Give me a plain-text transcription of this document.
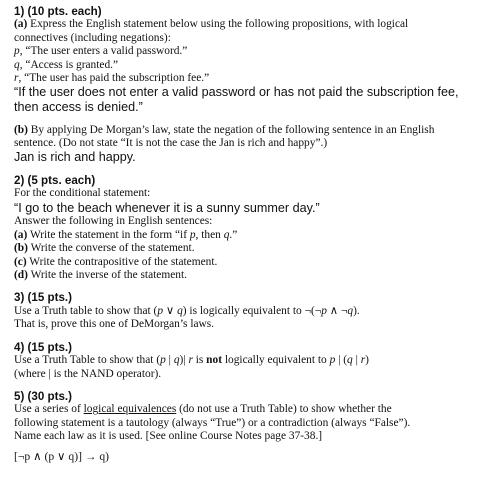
1) (10 pts. each)
(a) Express the English statement below using the following propositions, with logical
connectives (including negations):
p, “The user enters a valid password.”
q, “Access is granted.”
r, “The user has paid the subscription fee.”
“If the user does not enter a valid password or has not paid the subscription fee,
then access is denied.”
(b) By applying De Morgan’s law, state the negation of the following sentence in an English
sentence. (Do not state “It is not the case the Jan is rich and happy”.)
Jan is rich and happy.
2) (5 pts. each)
For the conditional statement:
“I go to the beach whenever it is a sunny summer day.”
Answer the following in English sentences:
(a) Write the statement in the form “if p, then q.”
(b) Write the converse of the statement.
(c) Write the contrapositive of the statement.
(d) Write the inverse of the statement.
3) (15 pts.)
Use a Truth table to show that (p ∨ q) is logically equivalent to ¬(¬p ∧ ¬q).
That is, prove this one of DeMorgan’s laws.
4) (15 pts.)
Use a Truth Table to show that (p | q)| r is not logically equivalent to p | (q | r)
(where | is the NAND operator).
5) (30 pts.)
Use a series of logical equivalences (do not use a Truth Table) to show whether the
following statement is a tautology (always “True”) or a contradiction (always “False”).
Name each law as it is used. [See online Course Notes page 37-38.]
[¬p ∧ (p ∨ q)] → q)
